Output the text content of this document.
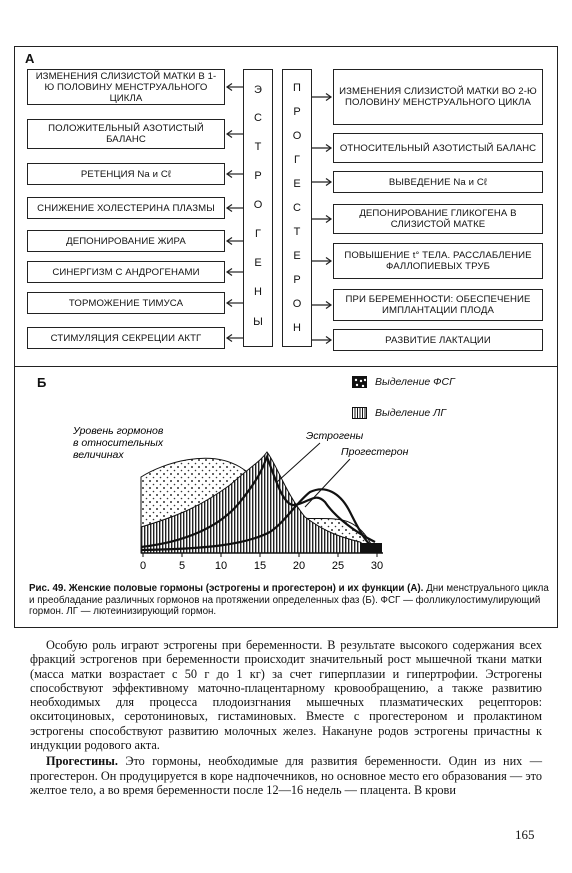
А
ИЗМЕНЕНИЯ СЛИЗИСТОЙ МАТКИ В 1-Ю ПОЛОВИНУ МЕНСТРУАЛЬНОГО ЦИКЛА
ПОЛОЖИТЕЛЬНЫЙ АЗОТИСТЫЙ БАЛАНС
РЕТЕНЦИЯ Na и Cℓ
СНИЖЕНИЕ ХОЛЕСТЕРИНА ПЛАЗМЫ
ДЕПОНИРОВАНИЕ ЖИРА
СИНЕРГИЗМ С АНДРОГЕНАМИ
ТОРМОЖЕНИЕ ТИМУСА
СТИМУЛЯЦИЯ СЕКРЕЦИИ АКТГ
Э
С
Т
Р
О
Г
Е
Н
Ы
П
Р
О
Г
Е
С
Т
Е
Р
О
Н
ИЗМЕНЕНИЯ СЛИЗИСТОЙ МАТКИ ВО 2-Ю ПОЛОВИНУ МЕНСТРУАЛЬНОГО ЦИКЛА
ОТНОСИТЕЛЬНЫЙ АЗОТИСТЫЙ БАЛАНС
ВЫВЕДЕНИЕ Na и Cℓ
ДЕПОНИРОВАНИЕ ГЛИКОГЕНА В СЛИЗИСТОЙ МАТКЕ
ПОВЫШЕНИЕ t° ТЕЛА. РАССЛАБЛЕНИЕ ФАЛЛОПИЕВЫХ ТРУБ
ПРИ БЕРЕМЕННОСТИ: ОБЕСПЕЧЕНИЕ ИМПЛАНТАЦИИ ПЛОДА
РАЗВИТИЕ ЛАКТАЦИИ
Б	Выделение ФСГ
Выделение ЛГ
Уровень гормонов
в относительных
величинах
Эстрогены
Прогестерон
0	5	10 15 20 25 30
Рис. 49. Женские половые гормоны (эстрогены и прогестерон) и их функции (А). Дни менструального цикла и преобладание различных гормонов на протяжении определенных фаз (Б). ФСГ — фолликулостимулирующий гормон. ЛГ — лютеинизирующий гормон.

Особую роль играют эстрогены при беременности. В результате высокого содержания всех фракций эстрогенов при беременности происходит значительный рост мышечной ткани матки (масса матки возрастает с 50 г до 1 кг) за счет гиперплазии и гипертрофии. Эстрогены способствуют эффективному маточно-плацентарному кровообращению, а также развитию необходимых для процесса плодоизгнания мышечных плазматических рецепторов: окситоциновых, серотониновых, гистаминовых. Вместе с прогестероном и пролактином эстрогены способствуют развитию молочных желез. Накануне родов эстрогены причастны к индукции родового акта.

Прогестины. Это гормоны, необходимые для развития беременности. Один из них — прогестерон. Он продуцируется в коре надпочечников, но основное место его образования — это желтое тело, а во время беременности после 12—16 недель — плацента. В крови

165
